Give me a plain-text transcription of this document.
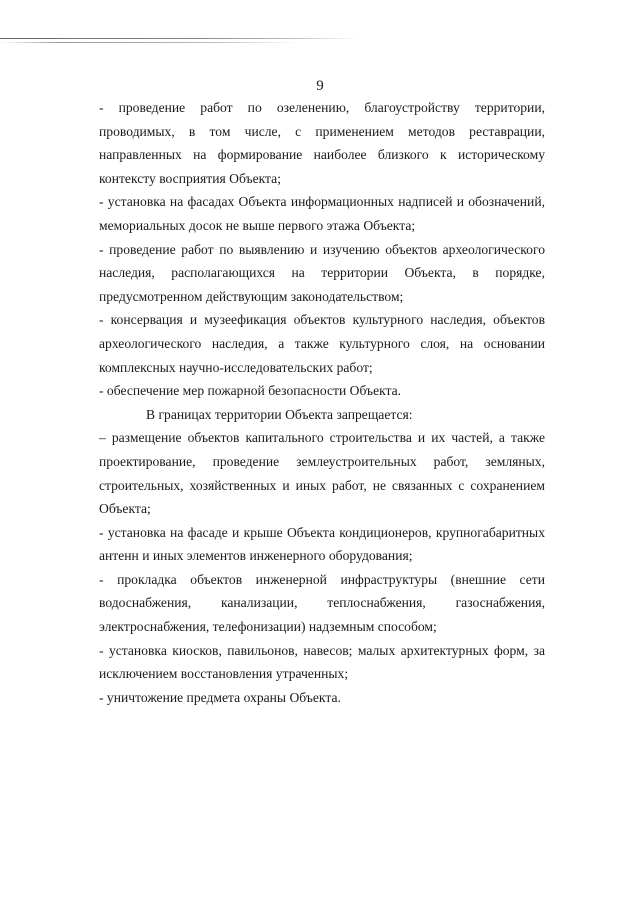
9

- проведение работ по озеленению, благоустройству территории, проводимых, в том числе, с применением методов реставрации, направленных на формирование наиболее близкого к историческому контексту восприятия Объекта;

- установка на фасадах Объекта информационных надписей и обозначений, мемориальных досок не выше первого этажа Объекта;

- проведение работ по выявлению и изучению объектов археологического наследия, располагающихся на территории Объекта, в порядке, предусмотренном действующим законодательством;

- консервация и музеефикация объектов культурного наследия, объектов археологического наследия, а также культурного слоя, на основании комплексных научно-исследовательских работ;

- обеспечение мер пожарной безопасности Объекта.

В границах территории Объекта запрещается:

– размещение объектов капитального строительства и их частей, а также проектирование, проведение землеустроительных работ, земляных, строительных, хозяйственных и иных работ, не связанных с сохранением Объекта;

- установка на фасаде и крыше Объекта кондиционеров, крупногабаритных антенн и иных элементов инженерного оборудования;

- прокладка объектов инженерной инфраструктуры (внешние сети водоснабжения, канализации, теплоснабжения, газоснабжения, электроснабжения, телефонизации) надземным способом;

- установка киосков, павильонов, навесов; малых архитектурных форм, за исключением восстановления утраченных;

- уничтожение предмета охраны Объекта.
